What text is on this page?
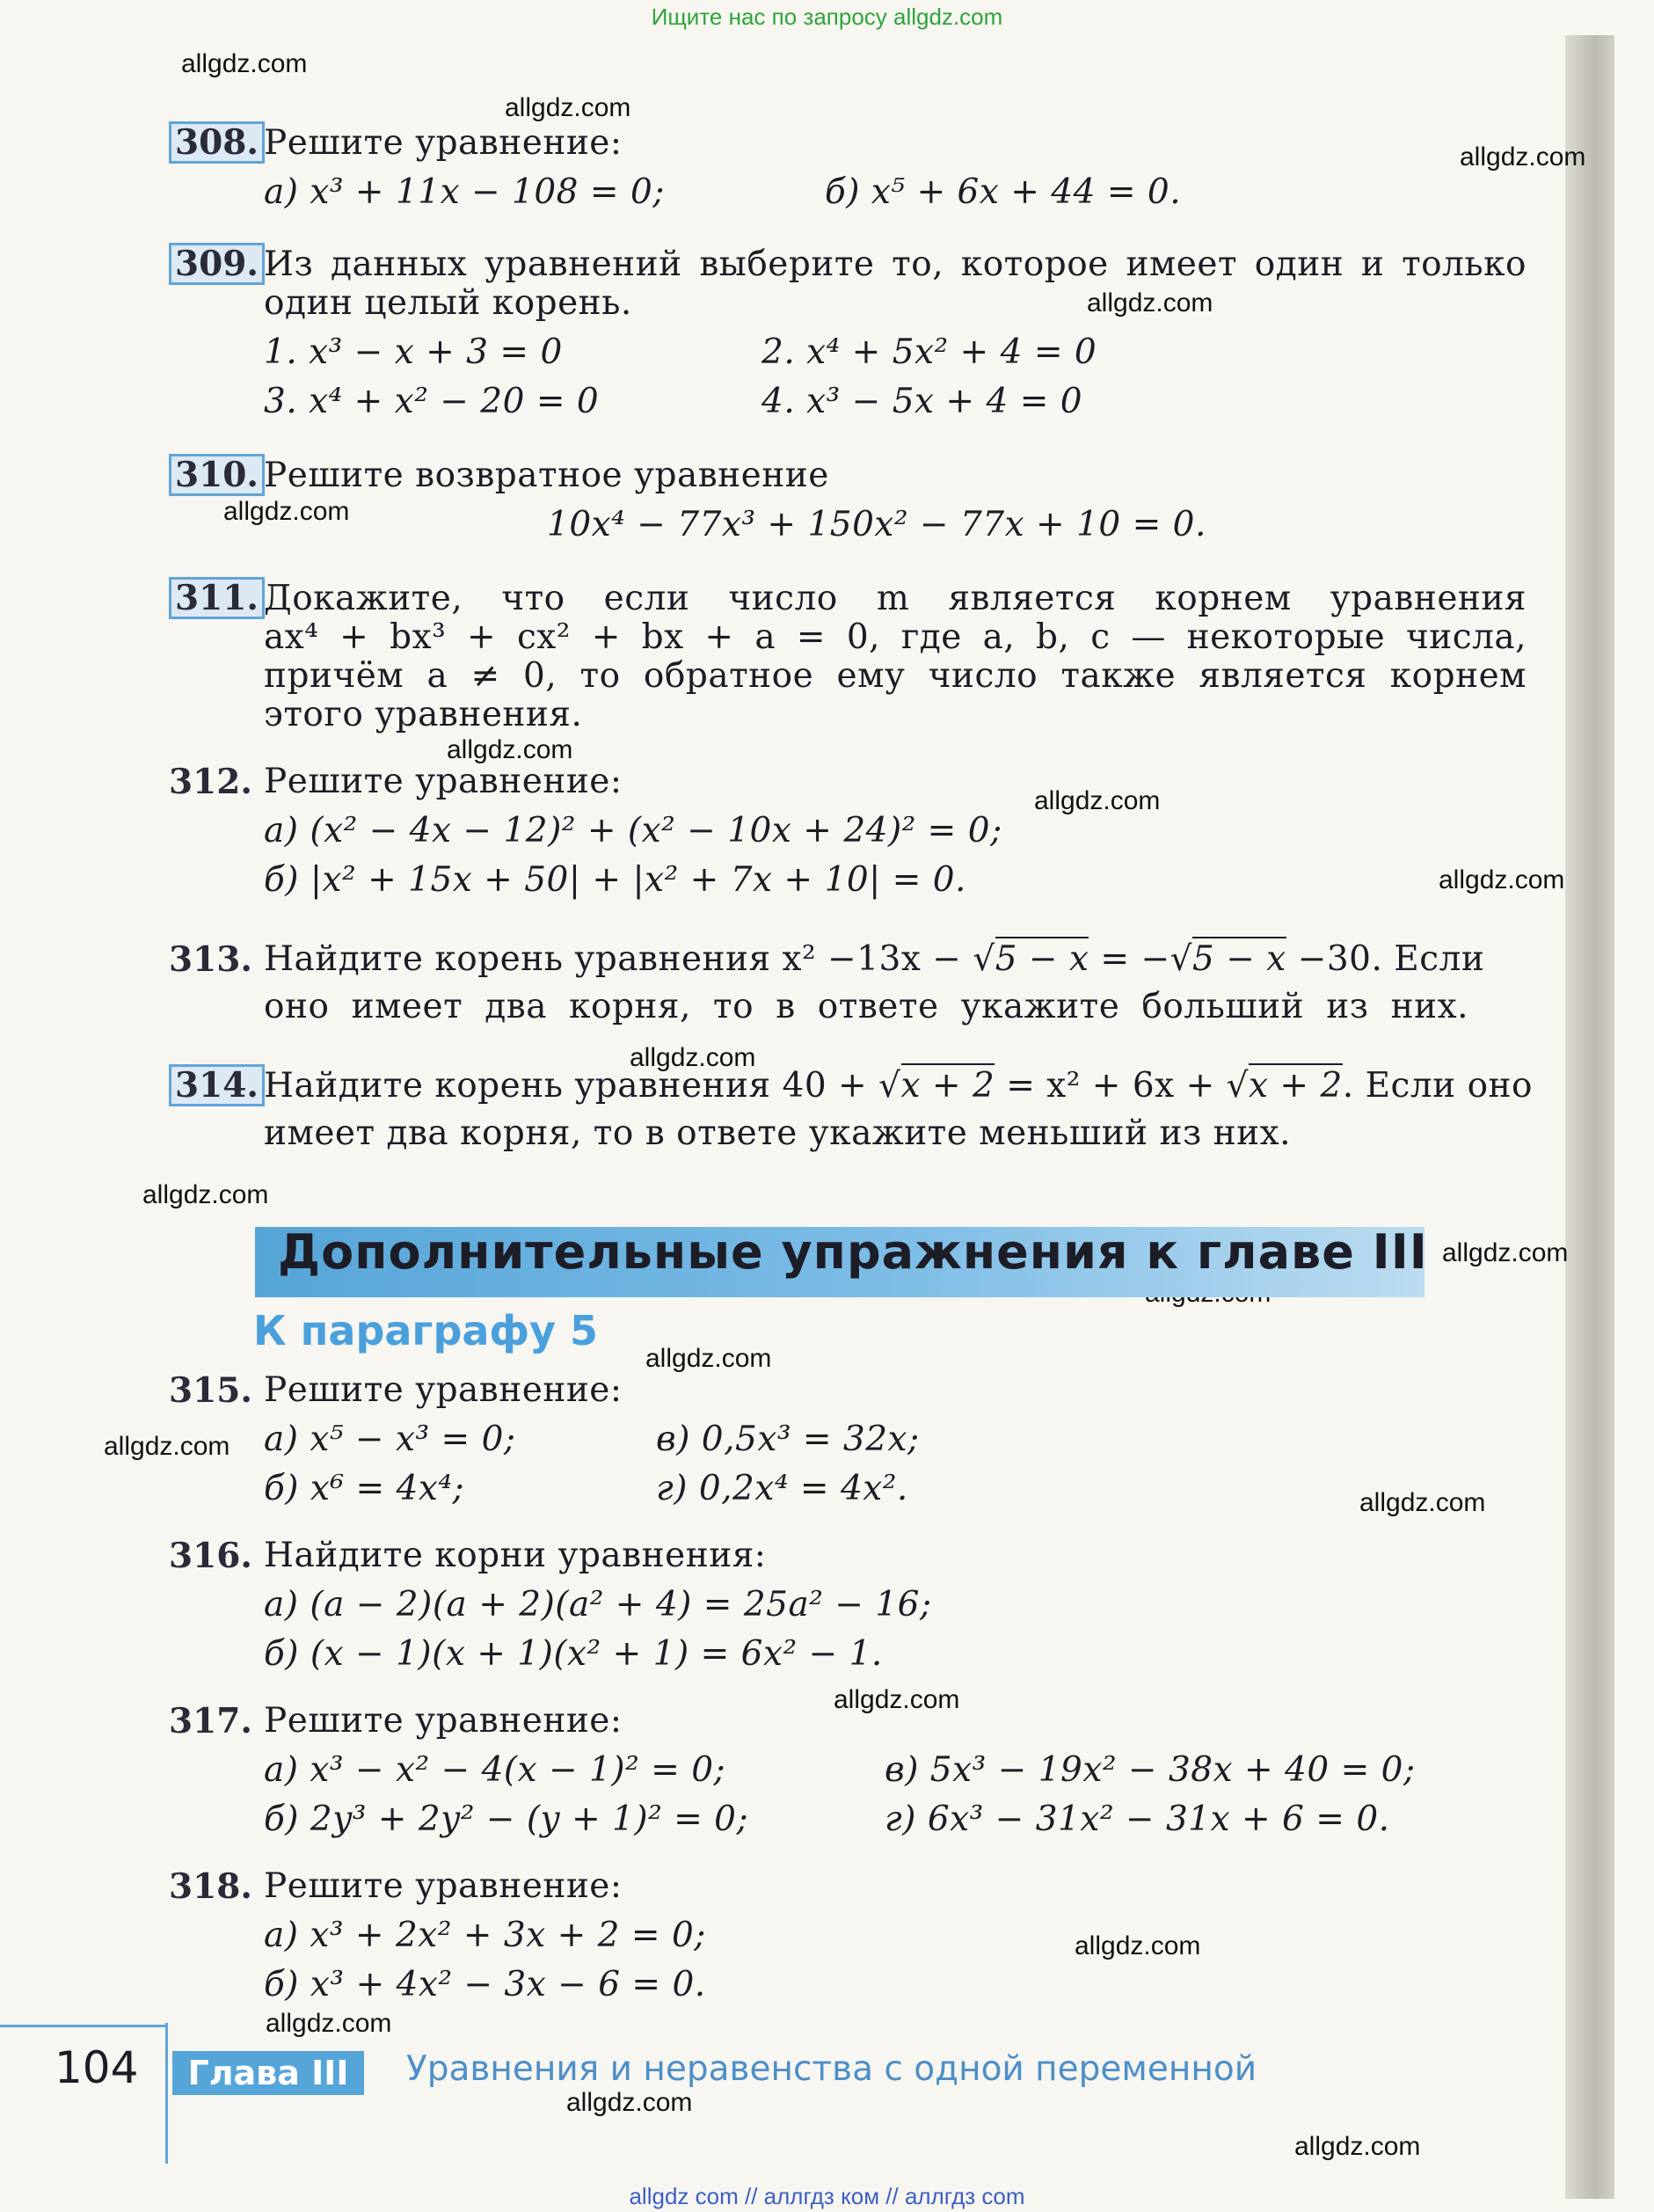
Ищите нас по запросу allgdz.com
allgdz.com
allgdz.com
allgdz.com
allgdz.com
allgdz.com
allgdz.com
allgdz.com
allgdz.com
allgdz.com
allgdz.com
allgdz.com
allgdz.com
allgdz.com
allgdz.com
allgdz.com
allgdz.com
allgdz.com
allgdz.com
allgdz.com
308. Решите уравнение:
а) x³ + 11x − 108 = 0;	б) x⁵ + 6x + 44 = 0.
309. Из данных уравнений выберите то, которое имеет один и только
один целый корень.
1. x³ − x + 3 = 0	2. x⁴ + 5x² + 4 = 0
3. x⁴ + x² − 20 = 0	4. x³ − 5x + 4 = 0
310. Решите возвратное уравнение
10x⁴ − 77x³ + 150x² − 77x + 10 = 0.
311. Докажите, что если число m является корнем уравнения
ax⁴ + bx³ + cx² + bx + a = 0, где a, b, c — некоторые числа,
причём a ≠ 0, то обратное ему число также является корнем
этого уравнения.
312. Решите уравнение:
а) (x² − 4x − 12)² + (x² − 10x + 24)² = 0;
б) |x² + 15x + 50| + |x² + 7x + 10| = 0.
313. Найдите корень уравнения x² −13x − √5 − x = −√5 − x −30. Если
оно имеет два корня, то в ответе укажите больший из них.
314. Найдите корень уравнения 40 + √x + 2 = x² + 6x + √x + 2. Если оно
имеет два корня, то в ответе укажите меньший из них.
Дополнительные упражнения к главе III
К параграфу 5
315. Решите уравнение:
а) x⁵ − x³ = 0;	в) 0,5x³ = 32x;
б) x⁶ = 4x⁴;	г) 0,2x⁴ = 4x².
316. Найдите корни уравнения:
а) (a − 2)(a + 2)(a² + 4) = 25a² − 16;
б) (x − 1)(x + 1)(x² + 1) = 6x² − 1.
317. Решите уравнение:
а) x³ − x² − 4(x − 1)² = 0;	в) 5x³ − 19x² − 38x + 40 = 0;
б) 2y³ + 2y² − (y + 1)² = 0;	г) 6x³ − 31x² − 31x + 6 = 0.
318. Решите уравнение:
а) x³ + 2x² + 3x + 2 = 0;
б) x³ + 4x² − 3x − 6 = 0.
104	Глава III	Уравнения и неравенства с одной переменной
allgdz com // аллгдз ком // аллгдз com
